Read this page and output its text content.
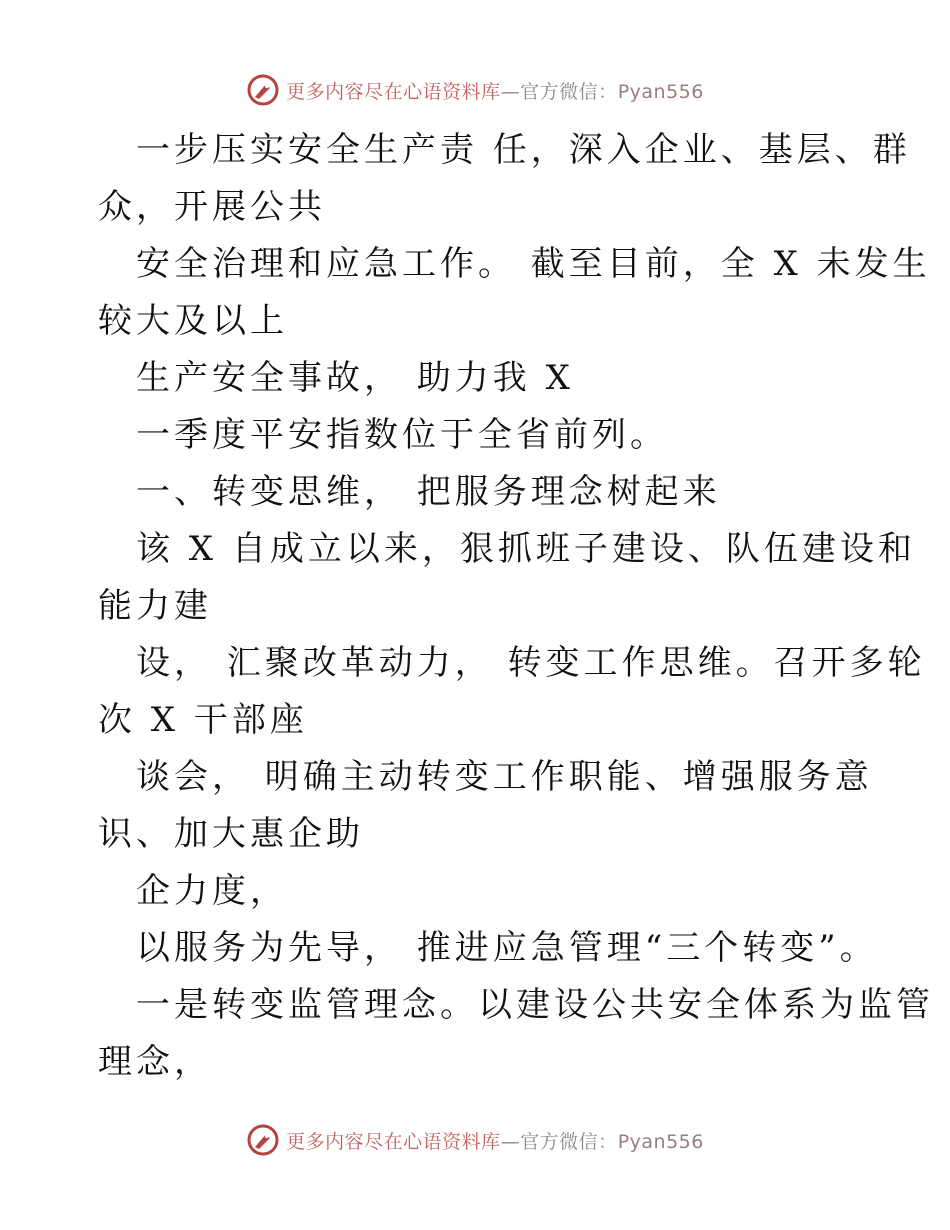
更多内容尽在心语资料库—官方微信：Pyan556

　一步压实安全生产责 任，深入企业、基层、群

众，开展公共

　安全治理和应急工作。 截至目前，全 X 未发生

较大及以上

　生产安全事故， 助力我 X

　一季度平安指数位于全省前列。

　一、转变思维， 把服务理念树起来

　该 X 自成立以来，狠抓班子建设、队伍建设和

能力建

　设， 汇聚改革动力， 转变工作思维。召开多轮

次 X 干部座

　谈会， 明确主动转变工作职能、增强服务意

识、加大惠企助

　企力度，

　以服务为先导， 推进应急管理“三个转变”。

　一是转变监管理念。以建设公共安全体系为监管

理念，

更多内容尽在心语资料库—官方微信：Pyan556
